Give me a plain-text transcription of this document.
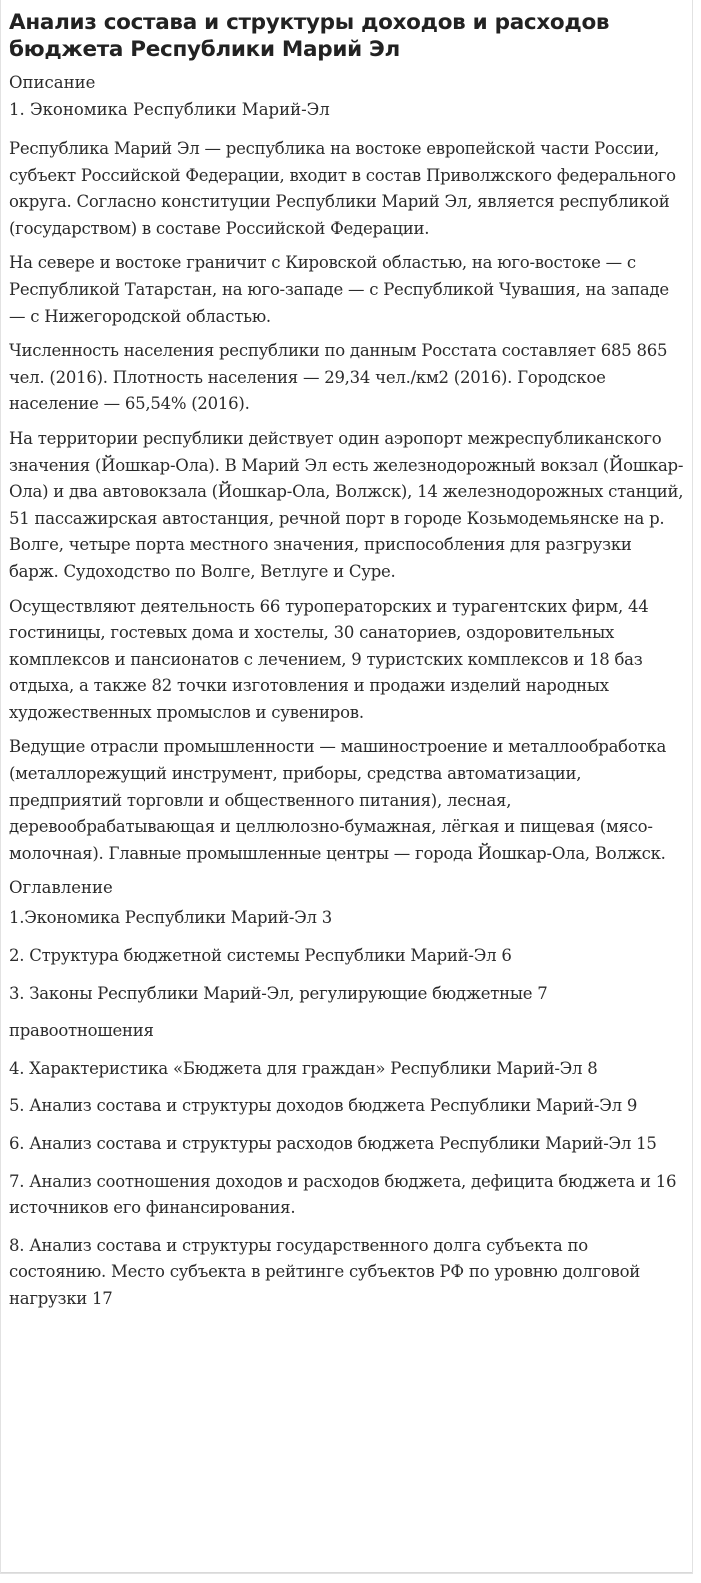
Анализ состава и структуры доходов и расходов бюджета Республики Марий Эл
Описание
1. Экономика Республики Марий-Эл

Республика Марий Эл — республика на востоке европейской части России, субъект Российской Федерации, входит в состав Приволжского федерального округа. Согласно конституции Республики Марий Эл, является республикой (государством) в составе Российской Федерации.

На севере и востоке граничит с Кировской областью, на юго-востоке — с Республикой Татарстан, на юго-западе — с Республикой Чувашия, на западе — с Нижегородской областью.

Численность населения республики по данным Росстата составляет 685 865 чел. (2016). Плотность населения — 29,34 чел./км2 (2016). Городское население — 65,54% (2016).

На территории республики действует один аэропорт межреспубликанского значения (Йошкар-Ола). В Марий Эл есть железнодорожный вокзал (Йошкар-Ола) и два автовокзала (Йошкар-Ола, Волжск), 14 железнодорожных станций, 51 пассажирская автостанция, речной порт в городе Козьмодемьянске на р. Волге, четыре порта местного значения, приспособления для разгрузки барж. Судоходство по Волге, Ветлуге и Суре.

Осуществляют деятельность 66 туроператорских и турагентских фирм, 44 гостиницы, гостевых дома и хостелы, 30 санаториев, оздоровительных комплексов и пансионатов с лечением, 9 туристских комплексов и 18 баз отдыха, а также 82 точки изготовления и продажи изделий народных художественных промыслов и сувениров.

Ведущие отрасли промышленности — машиностроение и металлообработка (металлорежущий инструмент, приборы, средства автоматизации, предприятий торговли и общественного питания), лесная, деревообрабатывающая и целлюлозно-бумажная, лёгкая и пищевая (мясо-молочная). Главные промышленные центры — города Йошкар-Ола, Волжск.

Оглавление
1.Экономика Республики Марий-Эл 3
2. Структура бюджетной системы Республики Марий-Эл 6
3. Законы Республики Марий-Эл, регулирующие бюджетные 7
правоотношения
4. Характеристика «Бюджета для граждан» Республики Марий-Эл 8
5. Анализ состава и структуры доходов бюджета Республики Марий-Эл 9
6. Анализ состава и структуры расходов бюджета Республики Марий-Эл 15
7. Анализ соотношения доходов и расходов бюджета, дефицита бюджета и 16 источников его финансирования.
8. Анализ состава и структуры государственного долга субъекта по состоянию. Место субъекта в рейтинге субъектов РФ по уровню долговой нагрузки 17
